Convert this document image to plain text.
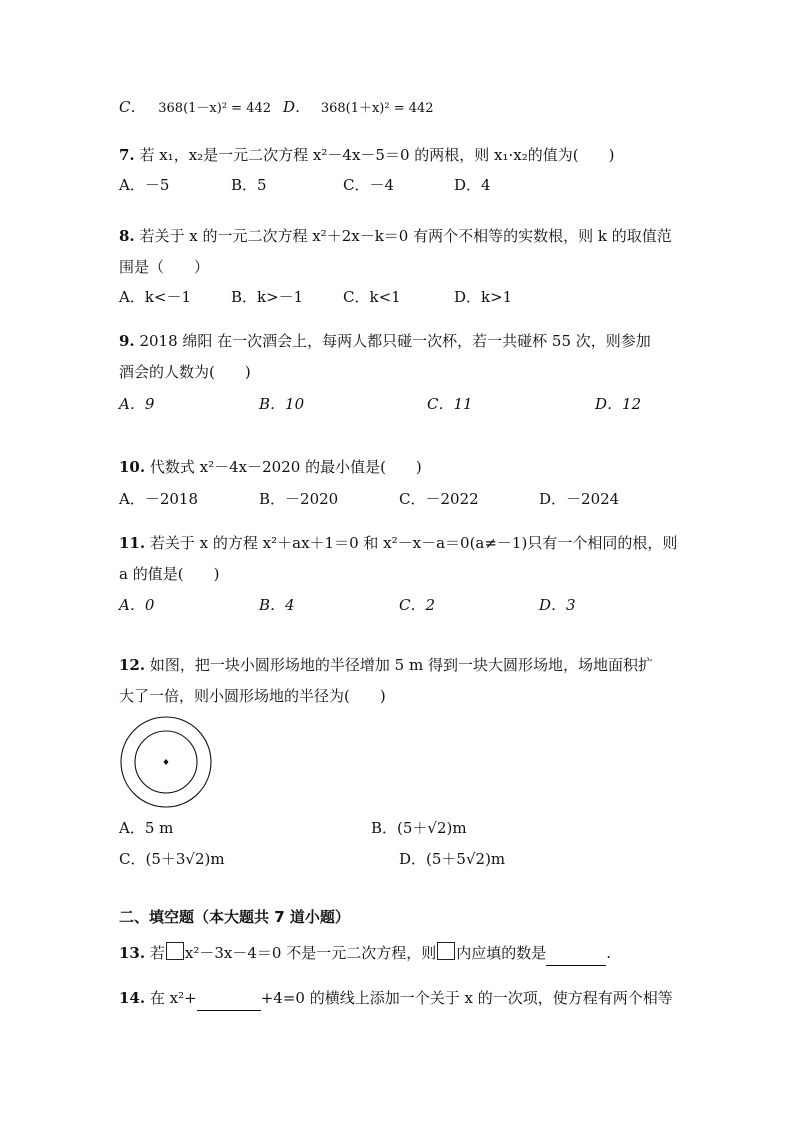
C． 368(1－x)² = 442 D． 368(1＋x)² = 442
7. 若 x₁，x₂是一元二次方程 x²－4x－5＝0 的两根，则 x₁·x₂的值为(　　)
A．－5	B．5	C．－4	D．4
8. 若关于 x 的一元二次方程 x²＋2x－k＝0 有两个不相等的实数根，则 k 的取值范
围是（　　）
A．k<－1	B．k>－1	C．k<1	D．k>1
9. 2018 绵阳 在一次酒会上，每两人都只碰一次杯，若一共碰杯 55 次，则参加
酒会的人数为(　　)
A．9	B．10	C．11	D．12
10. 代数式 x²－4x－2020 的最小值是(　　)
A．－2018	B．－2020	C．－2022	D．－2024
11. 若关于 x 的方程 x²＋ax＋1＝0 和 x²－x－a＝0(a≠－1)只有一个相同的根，则
a 的值是(　　)
A．0	B．4	C．2	D．3
12. 如图，把一块小圆形场地的半径增加 5 m 得到一块大圆形场地，场地面积扩
大了一倍，则小圆形场地的半径为(　　)
A．5 m	B．(5＋√2)m
C．(5＋3√2)m	D．(5＋5√2)m
二、填空题（本大题共 7 道小题）
13. 若 x²－3x－4＝0 不是一元二次方程，则 内应填的数是	.
14. 在 x²+	+4=0 的横线上添加一个关于 x 的一次项，使方程有两个相等
